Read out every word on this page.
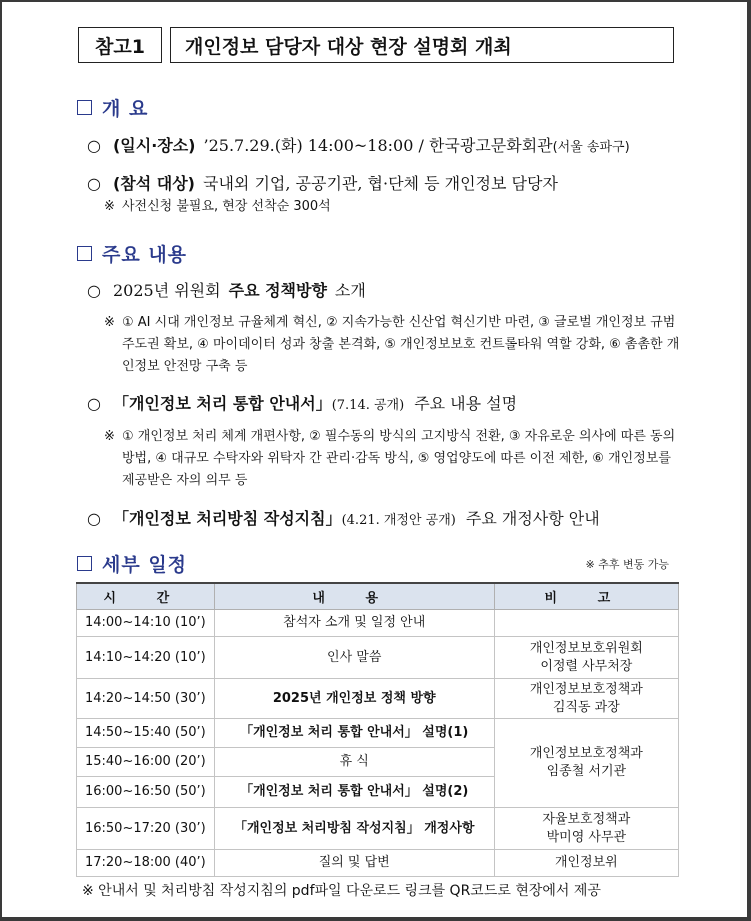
참고1	개인정보 담당자 대상 현장 설명회 개최
개 요
○ (일시·장소) ’25.7.29.(화) 14:00~18:00 / 한국광고문화회관 (서울 송파구)
○ (참석 대상) 국내외 기업, 공공기관, 협·단체 등 개인정보 담당자
※ 사전신청 불필요, 현장 선착순 300석
주요 내용
○ 2025년 위원회 주요 정책방향 소개
※ ① AI 시대 개인정보 규율체계 혁신, ② 지속가능한 신산업 혁신기반 마련, ③ 글로벌 개인정보 규범 주도권 확보, ④ 마이데이터 성과 창출 본격화, ⑤ 개인정보보호 컨트롤타워 역할 강화, ⑥ 촘촘한 개인정보 안전망 구축 등
○ 「개인정보 처리 통합 안내서」 (7.14. 공개) 주요 내용 설명
※ ① 개인정보 처리 체계 개편사항, ② 필수동의 방식의 고지방식 전환, ③ 자유로운 의사에 따른 동의 방법, ④ 대규모 수탁자와 위탁자 간 관리·감독 방식, ⑤ 영업양도에 따른 이전 제한, ⑥ 개인정보를 제공받은 자의 의무 등
○ 「개인정보 처리방침 작성지침」 (4.21. 개정안 공개) 주요 개정사항 안내
세부 일정	※ 추후 변동 가능
시 간	내 용	비 고
14:00~14:10 (10’)	참석자 소개 및 일정 안내	
14:10~14:20 (10’)	인사 말씀	개인정보보호위원회
이정렬 사무처장
14:20~14:50 (30’)	2025년 개인정보 정책 방향	개인정보보호정책과
김직동 과장
14:50~15:40 (50’)	「개인정보 처리 통합 안내서」 설명(1)	개인정보보호정책과
임종철 서기관
15:40~16:00 (20’)	휴 식	
16:00~16:50 (50’)	「개인정보 처리 통합 안내서」 설명(2)	
16:50~17:20 (30’)	「개인정보 처리방침 작성지침」 개정사항	자율보호정책과
박미영 사무관
17:20~18:00 (40’)	질의 및 답변	개인정보위
※ 안내서 및 처리방침 작성지침의 pdf파일 다운로드 링크를 QR코드로 현장에서 제공
